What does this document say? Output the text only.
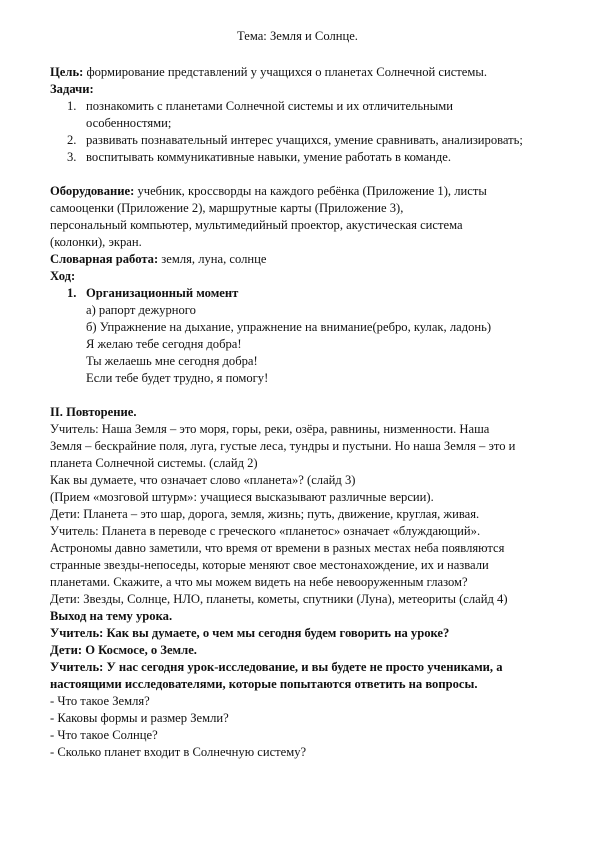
Тема: Земля и Солнце.
Цель: формирование представлений у учащихся о планетах Солнечной системы.
Задачи:
1. познакомить с планетами Солнечной системы и их отличительными
особенностями;
2. развивать познавательный интерес учащихся, умение сравнивать, анализировать;
3. воспитывать коммуникативные навыки, умение работать в команде.
Оборудование: учебник, кроссворды на каждого ребёнка (Приложение 1), листы
самооценки (Приложение 2), маршрутные карты (Приложение 3),
персональный компьютер, мультимедийный проектор, акустическая система
(колонки), экран.
Словарная работа: земля, луна, солнце
Ход:
1. Организационный момент
а) рапорт дежурного
б) Упражнение на дыхание, упражнение на внимание(ребро, кулак, ладонь)
Я желаю тебе сегодня добра!
Ты желаешь мне сегодня добра!
Если тебе будет трудно, я помогу!
II. Повторение.
Учитель: Наша Земля – это моря, горы, реки, озёра, равнины, низменности. Наша
Земля – бескрайние поля, луга, густые леса, тундры и пустыни. Но наша Земля – это и
планета Солнечной системы. (слайд 2)
Как вы думаете, что означает слово «планета»? (слайд 3)
(Прием «мозговой штурм»: учащиеся высказывают различные версии).
Дети: Планета – это шар, дорога, земля, жизнь; путь, движение, круглая, живая.
Учитель: Планета в переводе с греческого «планетос» означает «блуждающий».
Астрономы давно заметили, что время от времени в разных местах неба появляются
странные звезды-непоседы, которые меняют свое местонахождение, их и назвали
планетами. Скажите, а что мы можем видеть на небе невооруженным глазом?
Дети: Звезды, Солнце, НЛО, планеты, кометы, спутники (Луна), метеориты (слайд 4)
Выход на тему урока.
Учитель: Как вы думаете, о чем мы сегодня будем говорить на уроке?
Дети: О Космосе, о Земле.
Учитель: У нас сегодня урок-исследование, и вы будете не просто учениками, а
настоящими исследователями, которые попытаются ответить на вопросы.
- Что такое Земля?
- Каковы формы и размер Земли?
- Что такое Солнце?
- Сколько планет входит в Солнечную систему?
